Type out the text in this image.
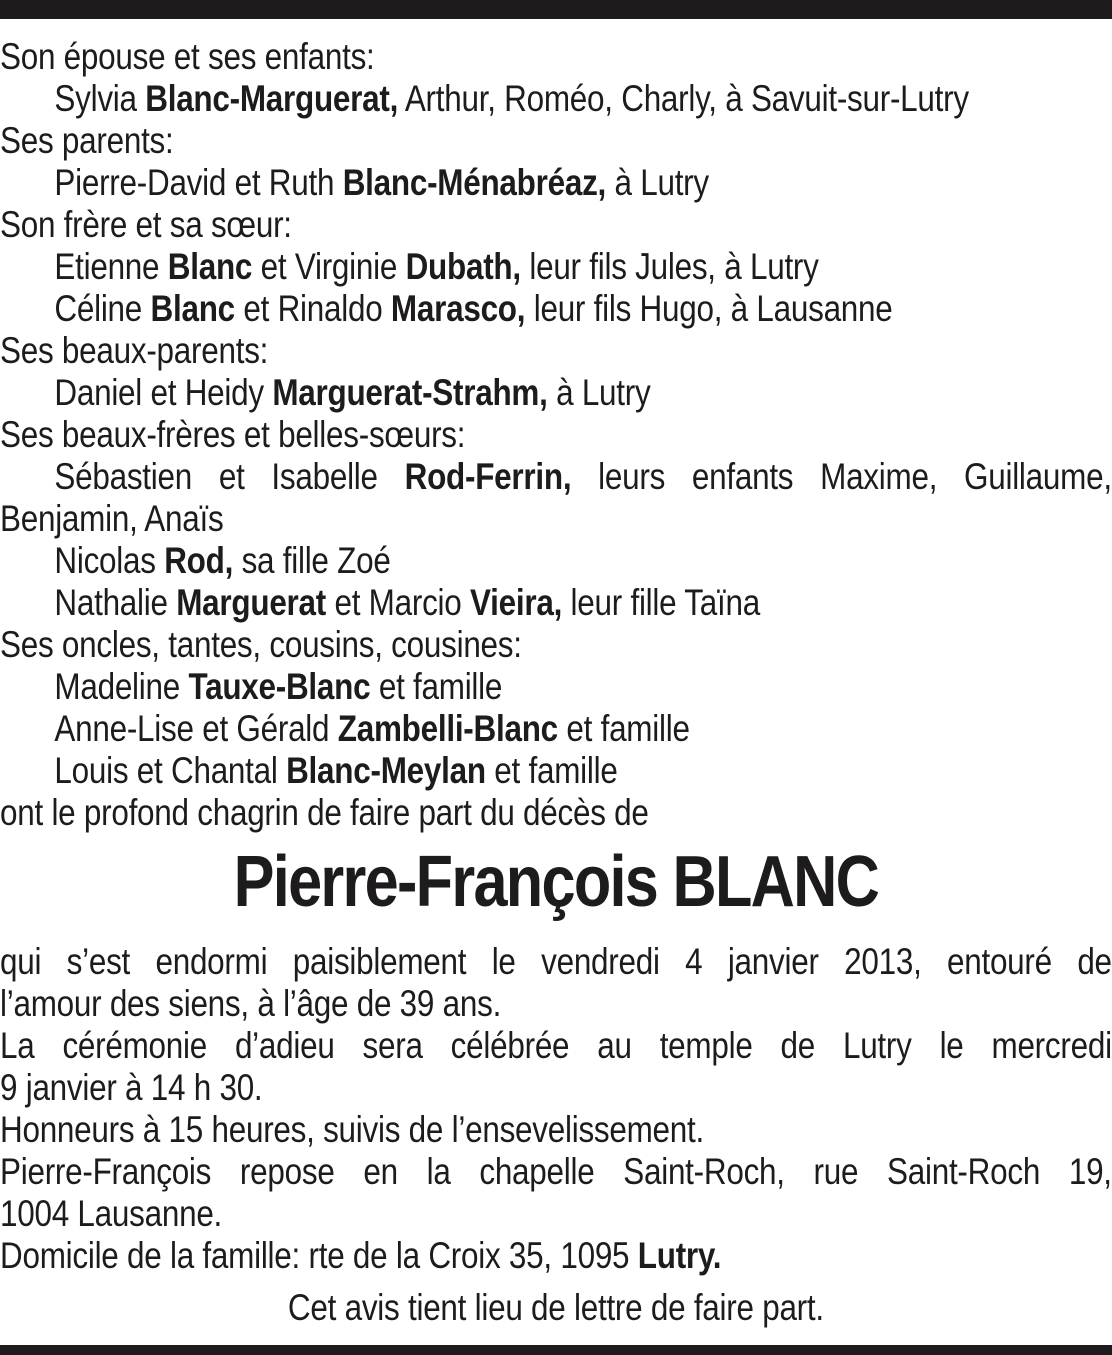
Son épouse et ses enfants:
Sylvia Blanc-Marguerat, Arthur, Roméo, Charly, à Savuit-sur-Lutry
Ses parents:
Pierre-David et Ruth Blanc-Ménabréaz, à Lutry
Son frère et sa sœur:
Etienne Blanc et Virginie Dubath, leur fils Jules, à Lutry
Céline Blanc et Rinaldo Marasco, leur fils Hugo, à Lausanne
Ses beaux-parents:
Daniel et Heidy Marguerat-Strahm, à Lutry
Ses beaux-frères et belles-sœurs:
Sébastien et Isabelle Rod-Ferrin, leurs enfants Maxime, Guillaume,
Benjamin, Anaïs
Nicolas Rod, sa fille Zoé
Nathalie Marguerat et Marcio Vieira, leur fille Taïna
Ses oncles, tantes, cousins, cousines:
Madeline Tauxe-Blanc et famille
Anne-Lise et Gérald Zambelli-Blanc et famille
Louis et Chantal Blanc-Meylan et famille
ont le profond chagrin de faire part du décès de
Pierre-François BLANC
qui s’est endormi paisiblement le vendredi 4 janvier 2013, entouré de
l’amour des siens, à l’âge de 39 ans.
La cérémonie d’adieu sera célébrée au temple de Lutry le mercredi
9 janvier à 14 h 30.
Honneurs à 15 heures, suivis de l’ensevelissement.
Pierre-François repose en la chapelle Saint-Roch, rue Saint-Roch 19,
1004 Lausanne.
Domicile de la famille: rte de la Croix 35, 1095 Lutry.
Cet avis tient lieu de lettre de faire part.
